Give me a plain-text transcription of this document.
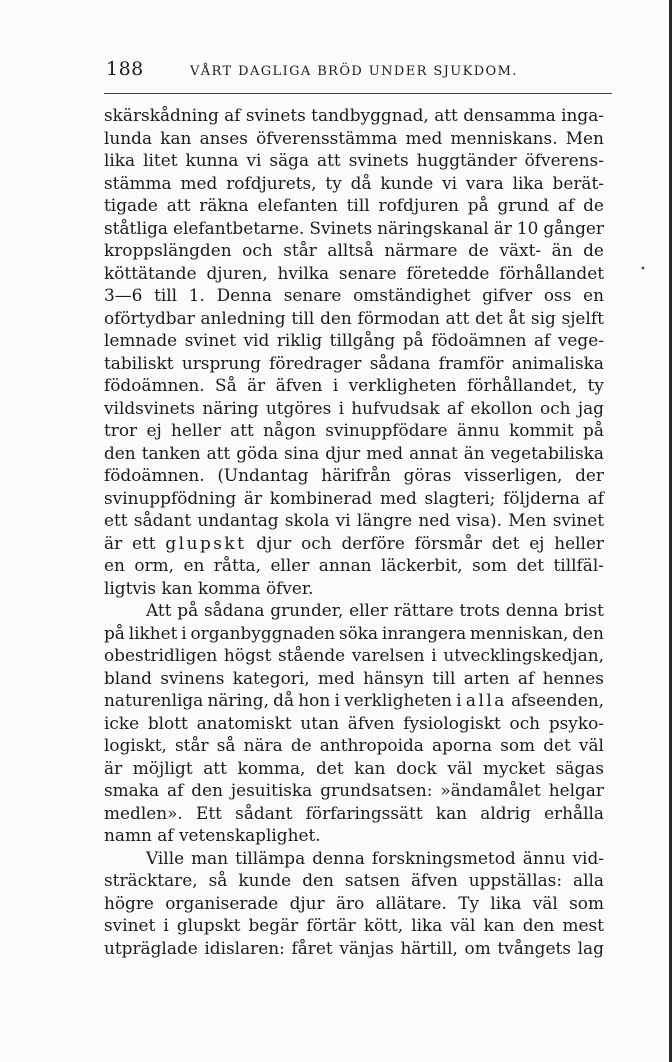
188	VÅRT DAGLIGA BRÖD UNDER SJUKDOM.
•
skärskådning af svinets tandbyggnad, att densamma inga-
lunda kan anses öfverensstämma med menniskans. Men
lika litet kunna vi säga att svinets huggtänder öfverens-
stämma med rofdjurets, ty då kunde vi vara lika berät-
tigade att räkna elefanten till rofdjuren på grund af de
ståtliga elefantbetarne. Svinets näringskanal är 10 gånger
kroppslängden och står alltså närmare de växt- än de
köttätande djuren, hvilka senare företedde förhållandet
3—6 till 1. Denna senare omständighet gifver oss en
oförtydbar anledning till den förmodan att det åt sig sjelft
lemnade svinet vid riklig tillgång på födoämnen af vege-
tabiliskt ursprung föredrager sådana framför animaliska
födoämnen. Så är äfven i verkligheten förhållandet, ty
vildsvinets näring utgöres i hufvudsak af ekollon och jag
tror ej heller att någon svinuppfödare ännu kommit på
den tanken att göda sina djur med annat än vegetabiliska
födoämnen. (Undantag härifrån göras visserligen, der
svinuppfödning är kombinerad med slagteri; följderna af
ett sådant undantag skola vi längre ned visa). Men svinet
är ett glupskt djur och derföre försmår det ej heller
en orm, en råtta, eller annan läckerbit, som det tillfäl-
ligtvis kan komma öfver.
Att på sådana grunder, eller rättare trots denna brist
på likhet i organbyggnaden söka inrangera menniskan, den
obestridligen högst stående varelsen i utvecklingskedjan,
bland svinens kategori, med hänsyn till arten af hennes
naturenliga näring, då hon i verkligheten i alla afseenden,
icke blott anatomiskt utan äfven fysiologiskt och psyko-
logiskt, står så nära de anthropoida aporna som det väl
är möjligt att komma, det kan dock väl mycket sägas
smaka af den jesuitiska grundsatsen: »ändamålet helgar
medlen». Ett sådant förfaringssätt kan aldrig erhålla
namn af vetenskaplighet.
Ville man tillämpa denna forskningsmetod ännu vid-
sträcktare, så kunde den satsen äfven uppställas: alla
högre organiserade djur äro allätare. Ty lika väl som
svinet i glupskt begär förtär kött, lika väl kan den mest
utpräglade idislaren: fåret vänjas härtill, om tvångets lag
